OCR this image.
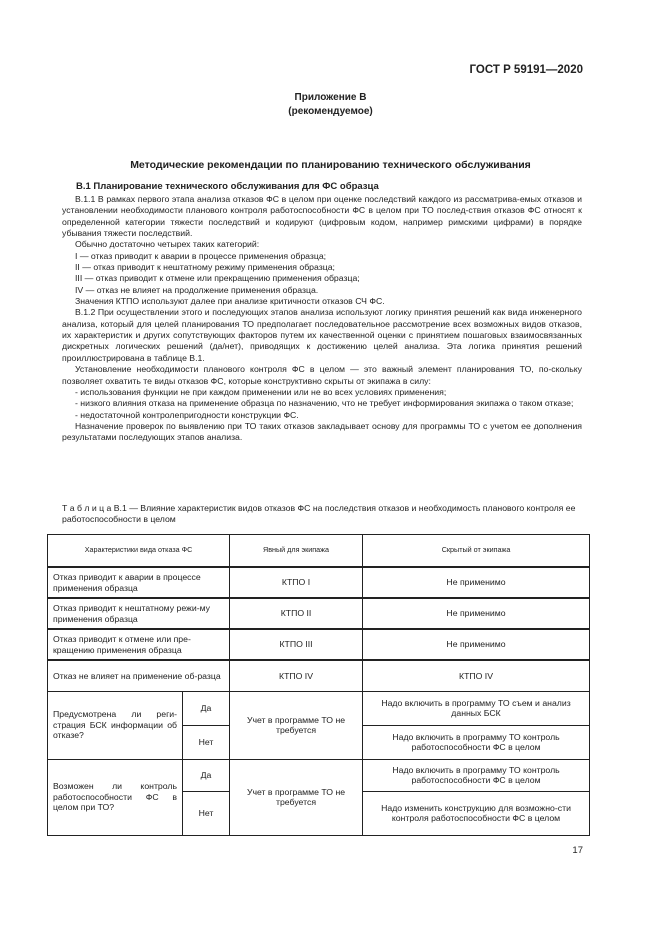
ГОСТ Р 59191—2020
Приложение В
(рекомендуемое)
Методические рекомендации по планированию технического обслуживания
В.1 Планирование технического обслуживания для ФС образца

В.1.1 В рамках первого этапа анализа отказов ФС в целом при оценке последствий каждого из рассматрива-емых отказов и установлении необходимости планового контроля работоспособности ФС в целом при ТО послед-ствия отказов ФС относят к определенной категории тяжести последствий и кодируют (цифровым кодом, например римскими цифрами) в порядке убывания тяжести последствий.

Обычно достаточно четырех таких категорий:

I — отказ приводит к аварии в процессе применения образца;

II — отказ приводит к нештатному режиму применения образца;

III — отказ приводит к отмене или прекращению применения образца;

IV — отказ не влияет на продолжение применения образца.

Значения КТПО используют далее при анализе критичности отказов СЧ ФС.

В.1.2 При осуществлении этого и последующих этапов анализа используют логику принятия решений как вида инженерного анализа, который для целей планирования ТО предполагает последовательное рассмотрение всех возможных видов отказов, их характеристик и других сопутствующих факторов путем их качественной оценки с принятием пошаговых взаимосвязанных дискретных логических решений (да/нет), приводящих к достижению целей анализа. Эта логика принятия решений проиллюстрирована в таблице В.1.

Установление необходимости планового контроля ФС в целом — это важный элемент планирования ТО, по-скольку позволяет охватить те виды отказов ФС, которые конструктивно скрыты от экипажа в силу:

- использования функции не при каждом применении или не во всех условиях применения;

- низкого влияния отказа на применение образца по назначению, что не требует информирования экипажа о таком отказе;

- недостаточной контролепригодности конструкции ФС.

Назначение проверок по выявлению при ТО таких отказов закладывает основу для программы ТО с учетом ее дополнения результатами последующих этапов анализа.

Т а б л и ц а В.1 — Влияние характеристик видов отказов ФС на последствия отказов и необходимость планового контроля ее работоспособности в целом
Характеристики вида отказа ФС		Явный для экипажа	Скрытый от экипажа
Отказ приводит к аварии в процессе применения образца		КТПО I	Не применимо
Отказ приводит к нештатному режи-му применения образца		КТПО II	Не применимо
Отказ приводит к отмене или пре-кращению применения образца		КТПО III	Не применимо
Отказ не влияет на применение об-разца		КТПО IV	КТПО IV
Предусмотрена ли реги-страция БСК информации об отказе?	Да	Учет в программе ТО не требуется	Надо включить в программу ТО съем и анализ данных БСК
	Нет		Надо включить в программу ТО контроль работоспособности ФС в целом
Возможен ли контроль работоспособности ФС в целом при ТО?	Да	Учет в программе ТО не требуется	Надо включить в программу ТО контроль работоспособности ФС в целом
	Нет		Надо изменить конструкцию для возможно-сти контроля работоспособности ФС в целом
17
